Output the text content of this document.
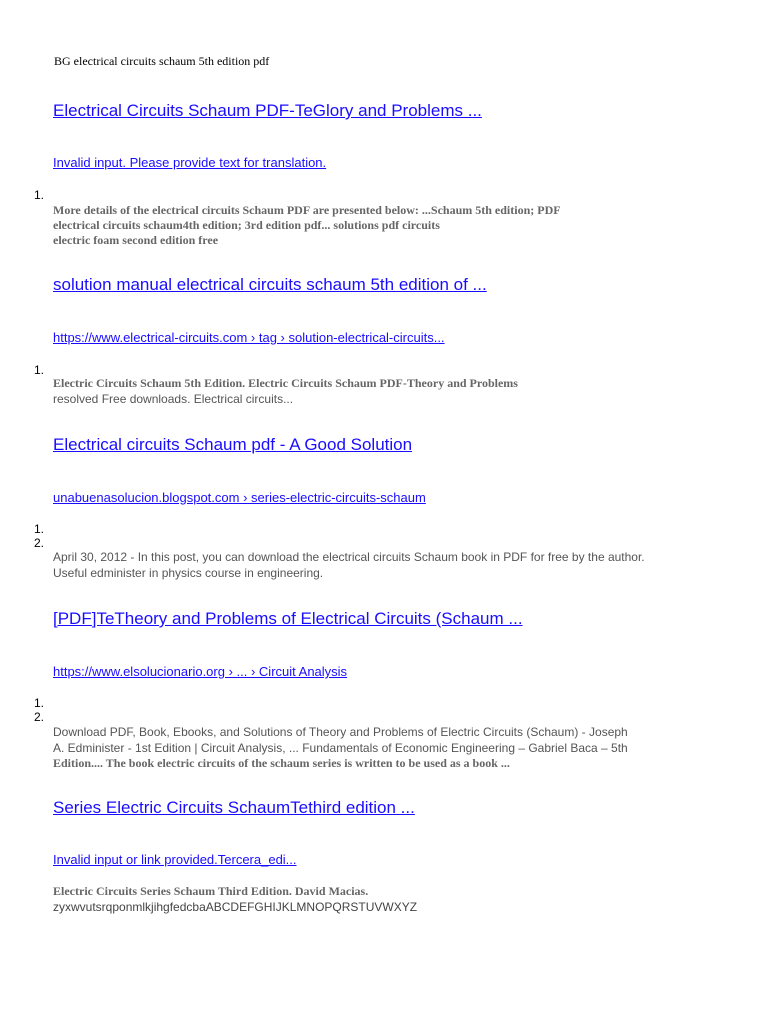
BG electrical circuits schaum 5th edition pdf
Electrical Circuits Schaum PDF-TeGlory and Problems ...
Invalid input. Please provide text for translation.
1.
More details of the electrical circuits Schaum PDF are presented below: ...Schaum 5th edition; PDF
electrical circuits schaum4th edition; 3rd edition pdf... solutions pdf circuits
electric foam second edition free
solution manual electrical circuits schaum 5th edition of ...
https://www.electrical-circuits.com › tag › solution-electrical-circuits...
1.
Electric Circuits Schaum 5th Edition. Electric Circuits Schaum PDF-Theory and Problems
resolved Free downloads. Electrical circuits...
Electrical circuits Schaum pdf - A Good Solution
unabuenasolucion.blogspot.com › series-electric-circuits-schaum
1.
2.
April 30, 2012 - In this post, you can download the electrical circuits Schaum book in PDF for free by the author.
Useful edminister in physics course in engineering.
[PDF]TeTheory and Problems of Electrical Circuits (Schaum ...
https://www.elsolucionario.org › ... › Circuit Analysis
1.
2.
Download PDF, Book, Ebooks, and Solutions of Theory and Problems of Electric Circuits (Schaum) - Joseph
A. Edminister - 1st Edition | Circuit Analysis, ... Fundamentals of Economic Engineering – Gabriel Baca – 5th
Edition.... The book electric circuits of the schaum series is written to be used as a book ...
Series Electric Circuits SchaumTethird edition ...
Invalid input or link provided.Tercera_edi...
Electric Circuits Series Schaum Third Edition. David Macias.
zyxwvutsrqponmlkjihgfedcbaABCDEFGHIJKLMNOPQRSTUVWXYZ
